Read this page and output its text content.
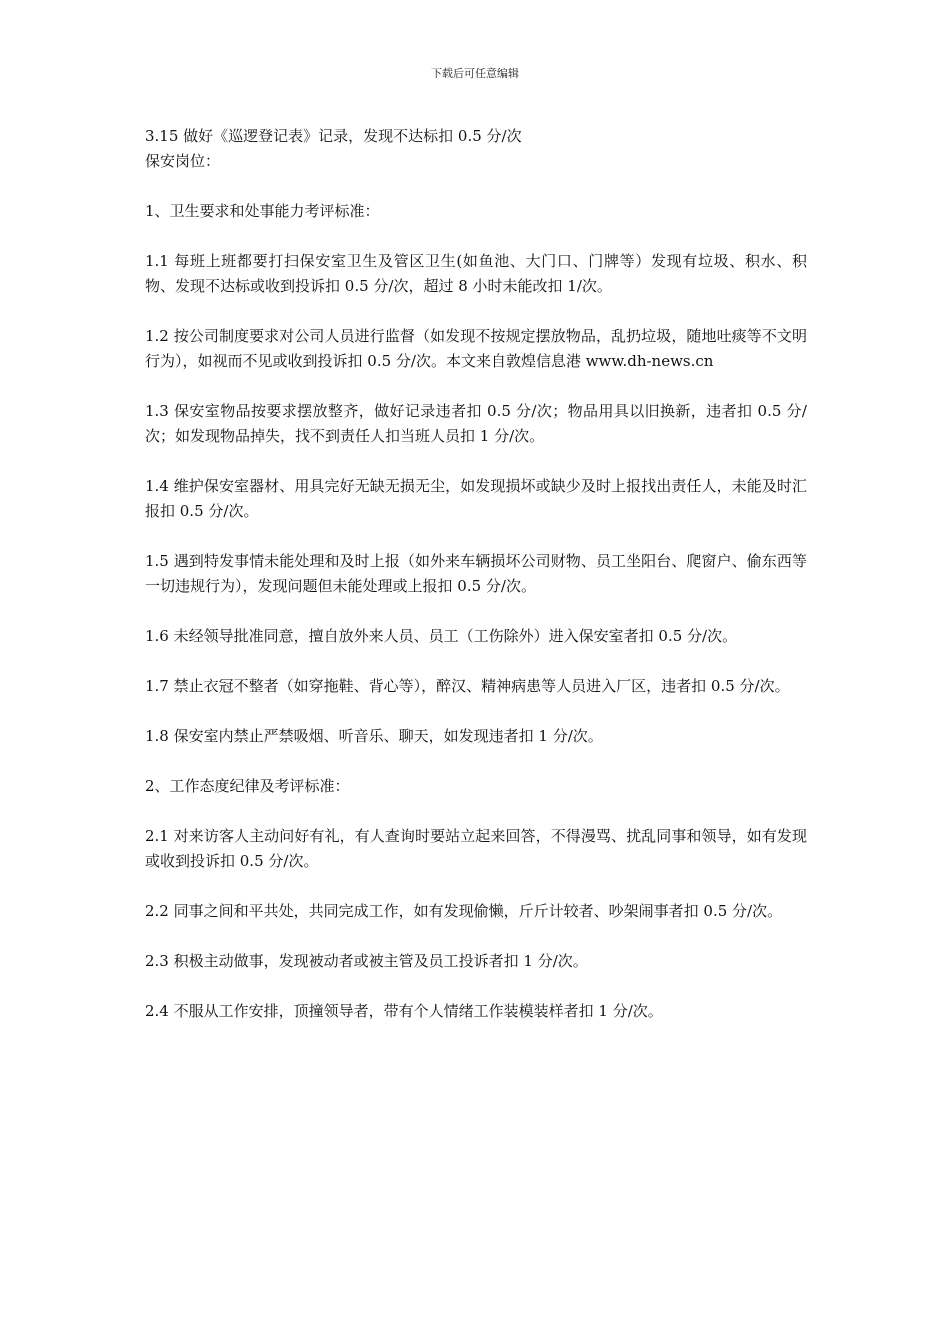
下载后可任意编辑

3.15 做好《巡逻登记表》记录，发现不达标扣 0.5 分/次

保安岗位：

1、卫生要求和处事能力考评标准：

1.1 每班上班都要打扫保安室卫生及管区卫生(如鱼池、大门口、门牌等）发现有垃圾、积水、积物、发现不达标或收到投诉扣 0.5 分/次，超过 8 小时未能改扣 1/次。

1.2 按公司制度要求对公司人员进行监督（如发现不按规定摆放物品，乱扔垃圾，随地吐痰等不文明行为），如视而不见或收到投诉扣 0.5 分/次。本文来自敦煌信息港 www.dh-news.cn

1.3 保安室物品按要求摆放整齐，做好记录违者扣 0.5 分/次；物品用具以旧换新，违者扣 0.5 分/次；如发现物品掉失，找不到责任人扣当班人员扣 1 分/次。

1.4 维护保安室器材、用具完好无缺无损无尘，如发现损坏或缺少及时上报找出责任人，未能及时汇报扣 0.5 分/次。

1.5 遇到特发事情未能处理和及时上报（如外来车辆损坏公司财物、员工坐阳台、爬窗户、偷东西等一切违规行为），发现问题但未能处理或上报扣 0.5 分/次。

1.6 未经领导批准同意，擅自放外来人员、员工（工伤除外）进入保安室者扣 0.5 分/次。

1.7 禁止衣冠不整者（如穿拖鞋、背心等），醉汉、精神病患等人员进入厂区，违者扣 0.5 分/次。

1.8 保安室内禁止严禁吸烟、听音乐、聊天，如发现违者扣 1 分/次。

2、工作态度纪律及考评标准：

2.1 对来访客人主动问好有礼，有人查询时要站立起来回答，不得漫骂、扰乱同事和领导，如有发现或收到投诉扣 0.5 分/次。

2.2 同事之间和平共处，共同完成工作，如有发现偷懒，斤斤计较者、吵架闹事者扣 0.5 分/次。

2.3 积极主动做事，发现被动者或被主管及员工投诉者扣 1 分/次。

2.4 不服从工作安排，顶撞领导者，带有个人情绪工作装模装样者扣 1 分/次。
